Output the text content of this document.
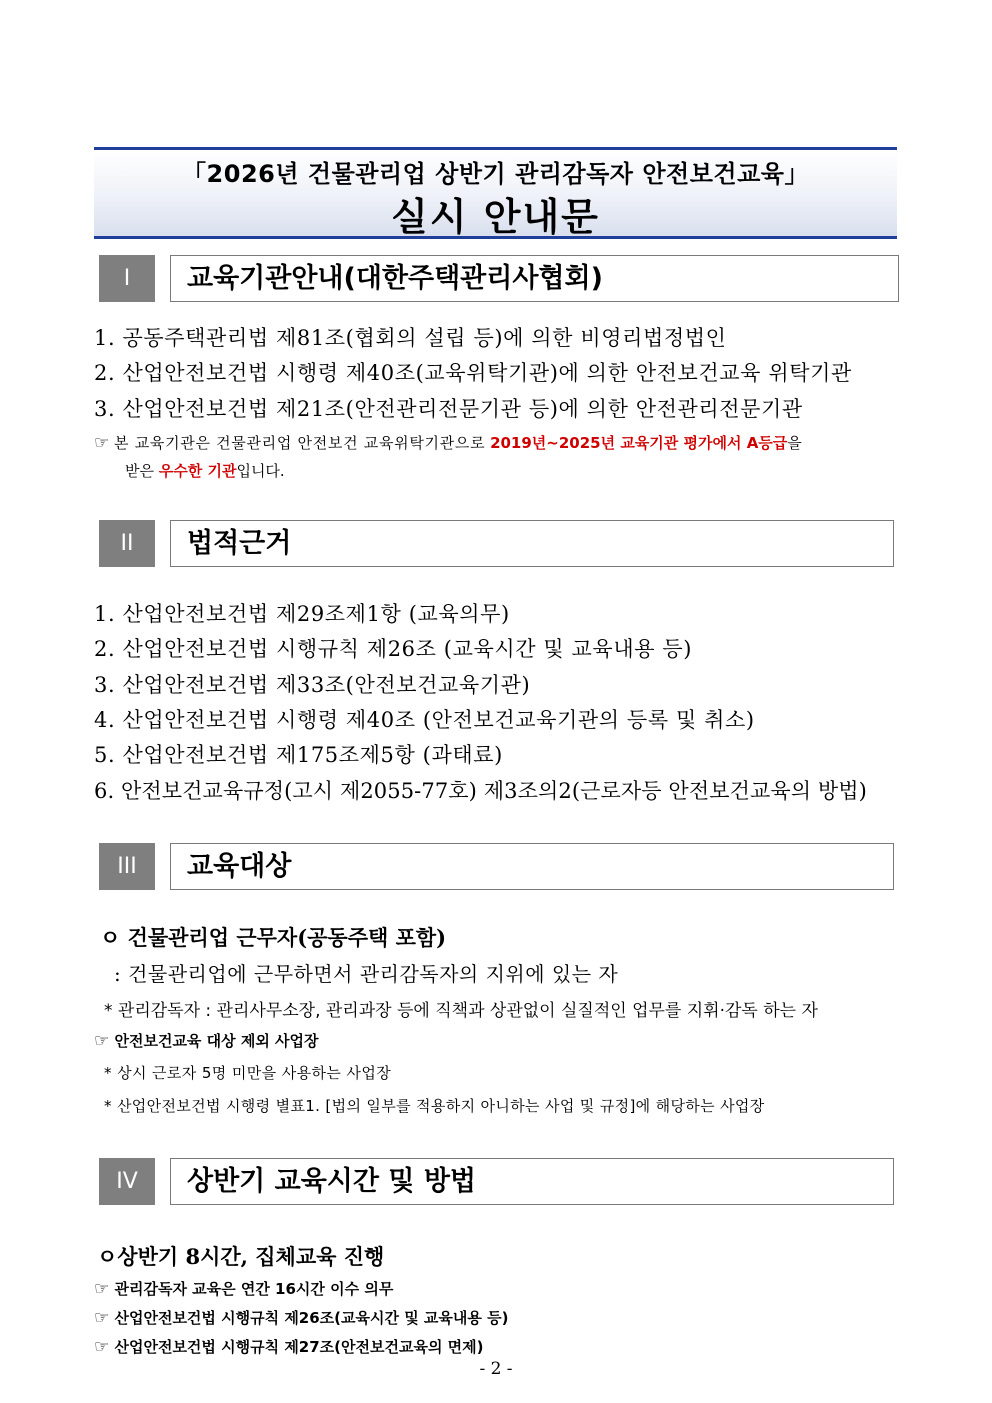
「2026년 건물관리업 상반기 관리감독자 안전보건교육」
실시 안내문
I	교육기관안내(대한주택관리사협회)
1. 공동주택관리법 제81조(협회의 설립 등)에 의한 비영리법정법인
2. 산업안전보건법 시행령 제40조(교육위탁기관)에 의한 안전보건교육 위탁기관
3. 산업안전보건법 제21조(안전관리전문기관 등)에 의한 안전관리전문기관
☞ 본 교육기관은 건물관리업 안전보건 교육위탁기관으로 2019년~2025년 교육기관 평가에서 A등급을
받은 우수한 기관입니다.
II	법적근거
1. 산업안전보건법 제29조제1항 (교육의무)
2. 산업안전보건법 시행규칙 제26조 (교육시간 및 교육내용 등)
3. 산업안전보건법 제33조(안전보건교육기관)
4. 산업안전보건법 시행령 제40조 (안전보건교육기관의 등록 및 취소)
5. 산업안전보건법 제175조제5항 (과태료)
6. 안전보건교육규정(고시 제2055-77호) 제3조의2(근로자등 안전보건교육의 방법)
III	교육대상
ㅇ 건물관리업 근무자(공동주택 포함)
: 건물관리업에 근무하면서 관리감독자의 지위에 있는 자
* 관리감독자 : 관리사무소장, 관리과장 등에 직책과 상관없이 실질적인 업무를 지휘·감독 하는 자
☞ 안전보건교육 대상 제외 사업장
* 상시 근로자 5명 미만을 사용하는 사업장
* 산업안전보건법 시행령 별표1. [법의 일부를 적용하지 아니하는 사업 및 규정]에 해당하는 사업장
IV	상반기 교육시간 및 방법
ㅇ상반기 8시간, 집체교육 진행
☞ 관리감독자 교육은 연간 16시간 이수 의무
☞ 산업안전보건법 시행규칙 제26조(교육시간 및 교육내용 등)
☞ 산업안전보건법 시행규칙 제27조(안전보건교육의 면제)
- 2 -
